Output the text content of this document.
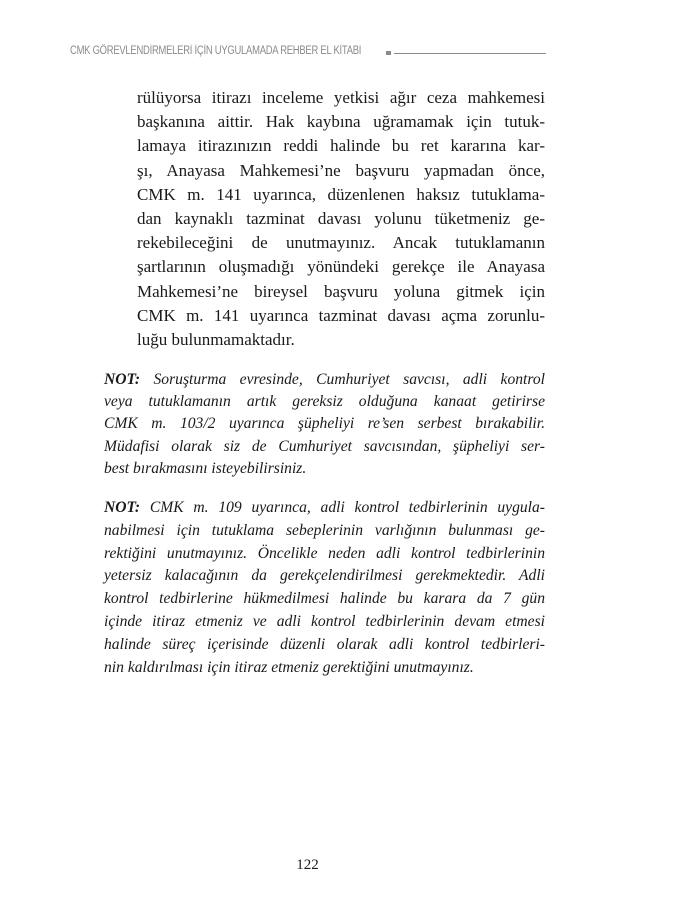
CMK GÖREVLENDİRMELERİ İÇİN UYGULAMADA REHBER EL KİTABI
rülüyorsa itirazı inceleme yetkisi ağır ceza mahkemesi
başkanına aittir. Hak kaybına uğramamak için tutuk-
lamaya itirazınızın reddi halinde bu ret kararına kar-
şı, Anayasa Mahkemesi’ne başvuru yapmadan önce,
CMK m. 141 uyarınca, düzenlenen haksız tutuklama-
dan kaynaklı tazminat davası yolunu tüketmeniz ge-
rekebileceğini de unutmayınız. Ancak tutuklamanın
şartlarının oluşmadığı yönündeki gerekçe ile Anayasa
Mahkemesi’ne bireysel başvuru yoluna gitmek için
CMK m. 141 uyarınca tazminat davası açma zorunlu-
luğu bulunmamaktadır.
NOT: Soruşturma evresinde, Cumhuriyet savcısı, adli kontrol
veya tutuklamanın artık gereksiz olduğuna kanaat getirirse
CMK m. 103/2 uyarınca şüpheliyi re’sen serbest bırakabilir.
Müdafisi olarak siz de Cumhuriyet savcısından, şüpheliyi ser-
best bırakmasını isteyebilirsiniz.
NOT: CMK m. 109 uyarınca, adli kontrol tedbirlerinin uygula-
nabilmesi için tutuklama sebeplerinin varlığının bulunması ge-
rektiğini unutmayınız. Öncelikle neden adli kontrol tedbirlerinin
yetersiz kalacağının da gerekçelendirilmesi gerekmektedir. Adli
kontrol tedbirlerine hükmedilmesi halinde bu karara da 7 gün
içinde itiraz etmeniz ve adli kontrol tedbirlerinin devam etmesi
halinde süreç içerisinde düzenli olarak adli kontrol tedbirleri-
nin kaldırılması için itiraz etmeniz gerektiğini unutmayınız.
122
